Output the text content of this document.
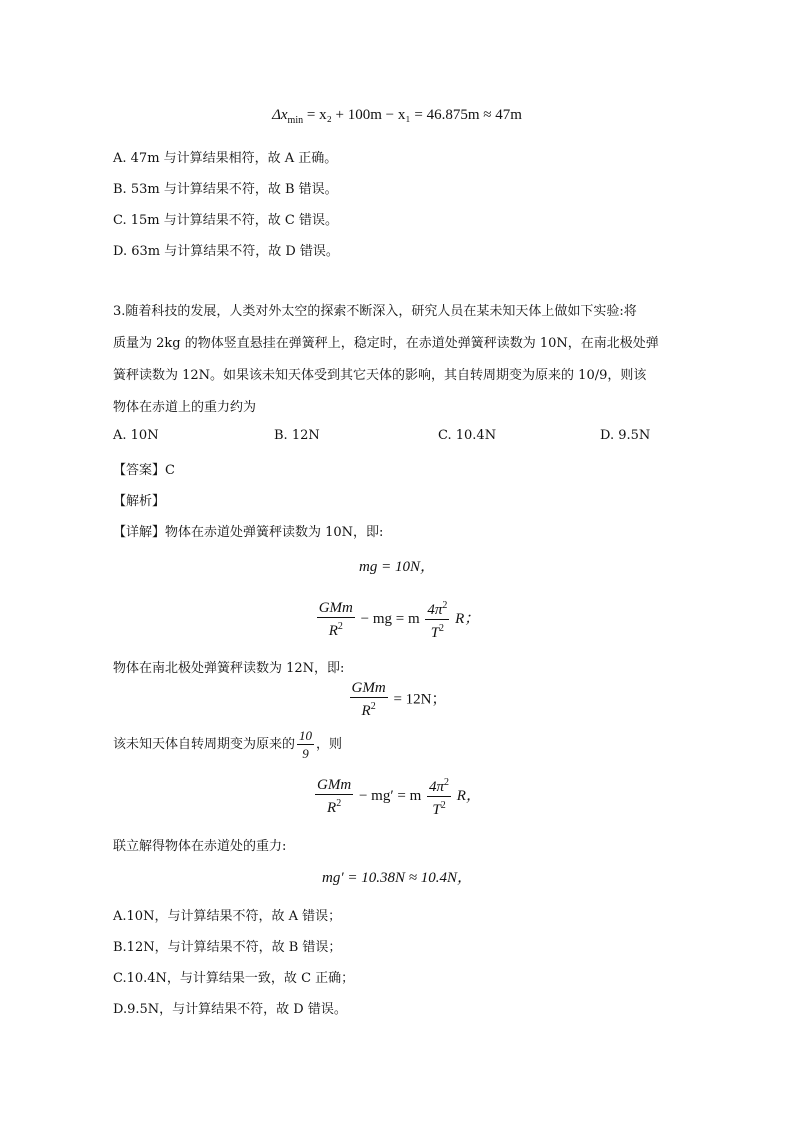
$\Delta x_{min} = x_2 + 100m - x_1 = 46.875m \approx 47m$
A. 47m 与计算结果相符，故 A 正确。
B. 53m 与计算结果不符，故 B 错误。
C. 15m 与计算结果不符，故 C 错误。
D. 63m 与计算结果不符，故 D 错误。
3.随着科技的发展，人类对外太空的探索不断深入，研究人员在某未知天体上做如下实验:将
质量为 2kg 的物体竖直悬挂在弹簧秤上，稳定时，在赤道处弹簧秤读数为 10N，在南北极处弹
簧秤读数为 12N。如果该未知天体受到其它天体的影响，其自转周期变为原来的 10/9，则该
物体在赤道上的重力约为
A. 10N	B. 12N	C. 10.4N	D. 9.5N
【答案】C
【解析】
【详解】物体在赤道处弹簧秤读数为 10N，即:
mg = 10N，
$\frac{\text{GMm}}{R^2}$ − mg = m $\frac{4\pi^2}{T^2}$ R；
物体在南北极处弹簧秤读数为 12N，即:
$\frac{\text{GMm}}{R^2} = 12N$；
该未知天体自转周期变为原来的 $\frac{10}{9}$ ，则
$\frac{\text{GMm}}{R^2} - mg' = m \frac{4\pi^2}{T^2}$ R，
联立解得物体在赤道处的重力:
mg′ = 10.38N ≈ 10.4N，
A.10N，与计算结果不符，故 A 错误；
B.12N，与计算结果不符，故 B 错误；
C.10.4N，与计算结果一致，故 C 正确；
D.9.5N，与计算结果不符，故 D 错误。
